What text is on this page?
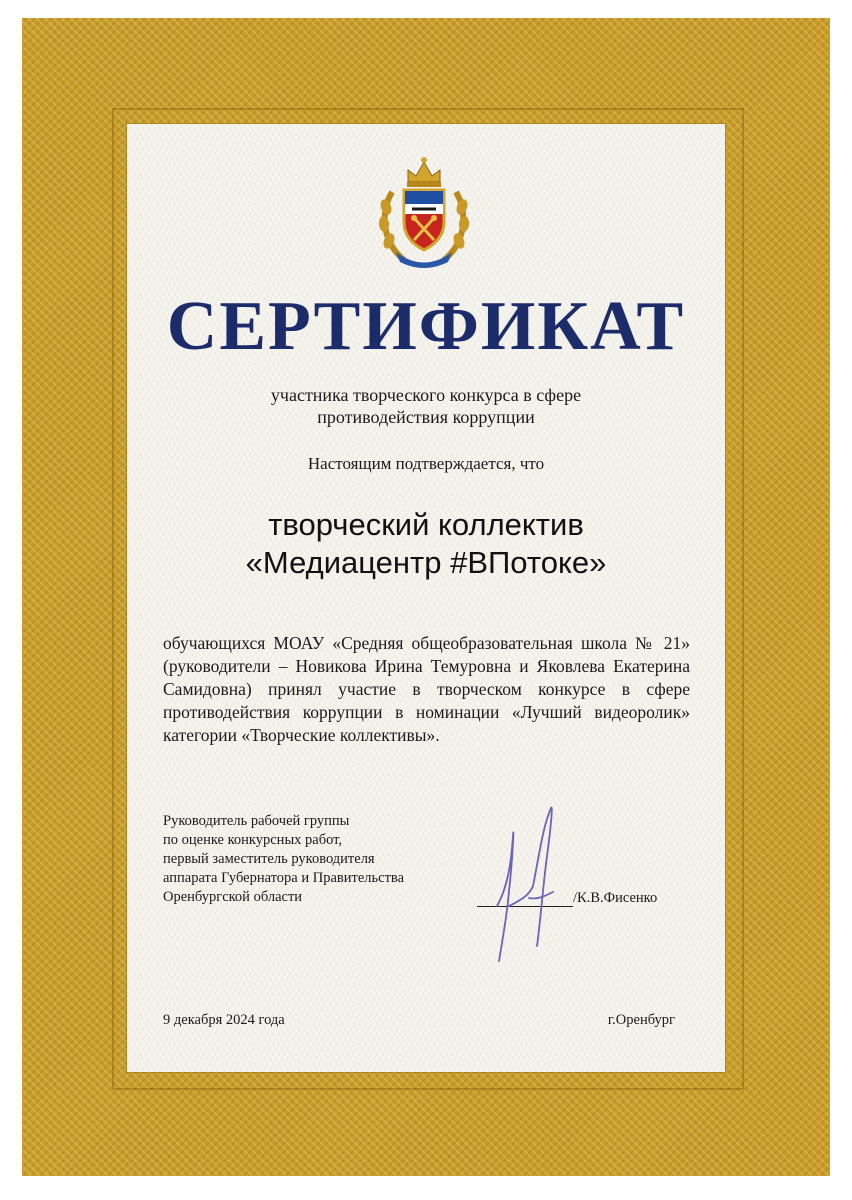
СЕРТИФИКАТ
участника творческого конкурса в сфере
противодействия коррупции
Настоящим подтверждается, что
творческий коллектив
«Медиацентр #ВПотоке»
обучающихся МОАУ «Средняя общеобразовательная школа № 21» (руководители – Новикова Ирина Темуровна и Яковлева Екатерина Самидовна) принял участие в творческом конкурсе в сфере противодействия коррупции в номинации «Лучший видеоролик» категории «Творческие коллективы».
Руководитель рабочей группы
по оценке конкурсных работ,
первый заместитель руководителя
аппарата Губернатора и Правительства
Оренбургской области	/К.В.Фисенко
9 декабря 2024 года	г.Оренбург
